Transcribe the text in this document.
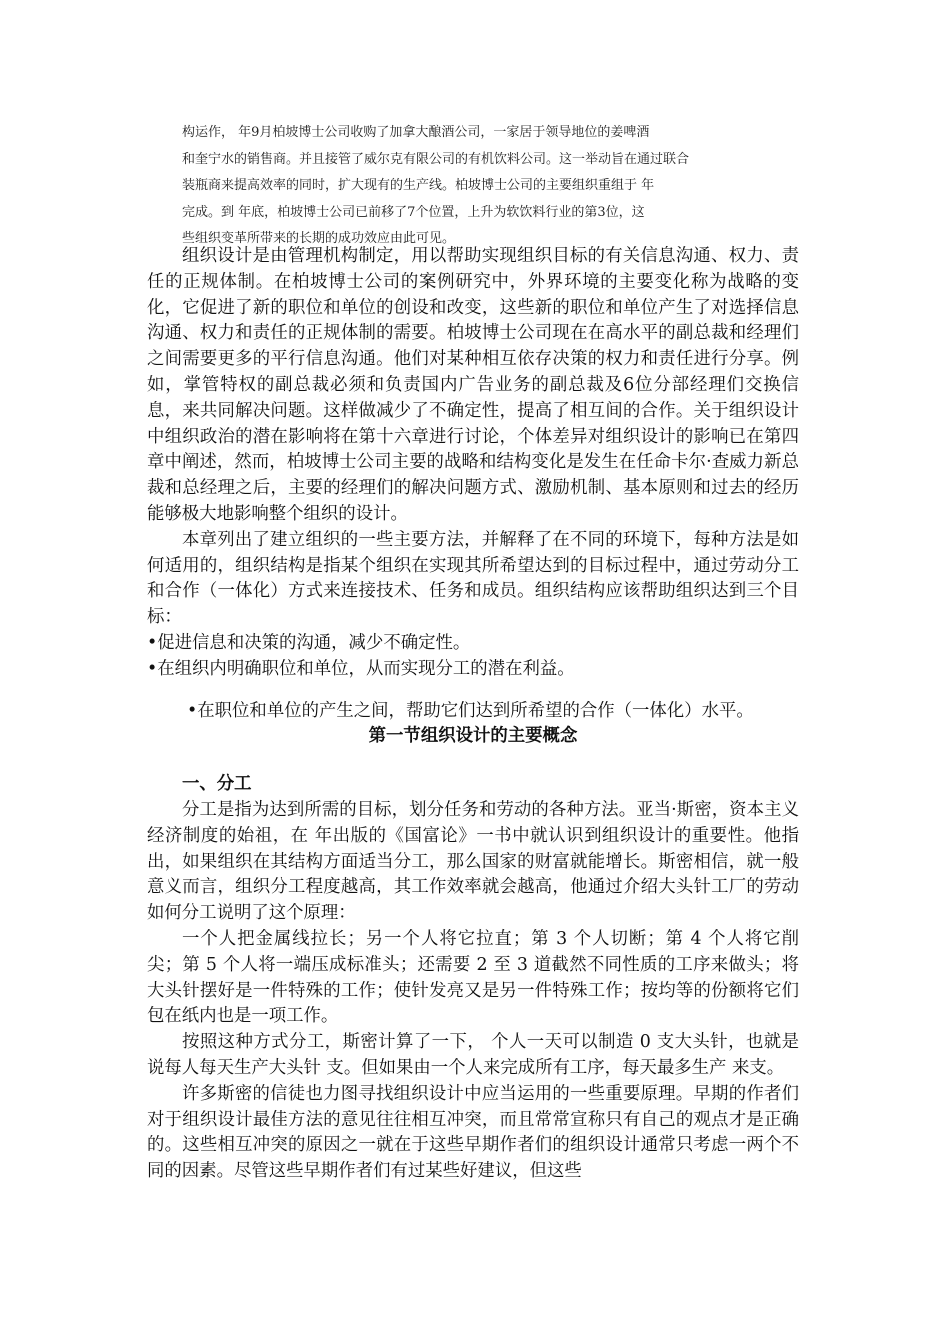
构运作， 年9月柏坡博士公司收购了加拿大酿酒公司，一家居于领导地位的姜啤酒
和奎宁水的销售商。并且接管了威尔克有限公司的有机饮料公司。这一举动旨在通过联合
装瓶商来提高效率的同时，扩大现有的生产线。柏坡博士公司的主要组织重组于 年
完成。到 年底，柏坡博士公司已前移了7个位置，上升为软饮料行业的第3位，这
些组织变革所带来的长期的成功效应由此可见。

组织设计是由管理机构制定，用以帮助实现组织目标的有关信息沟通、权力、责任的正规体制。在柏坡博士公司的案例研究中，外界环境的主要变化称为战略的变化，它促进了新的职位和单位的创设和改变，这些新的职位和单位产生了对选择信息沟通、权力和责任的正规体制的需要。柏坡博士公司现在在高水平的副总裁和经理们之间需要更多的平行信息沟通。他们对某种相互依存决策的权力和责任进行分享。例如，掌管特权的副总裁必须和负责国内广告业务的副总裁及6位分部经理们交换信息，来共同解决问题。这样做减少了不确定性，提高了相互间的合作。关于组织设计中组织政治的潜在影响将在第十六章进行讨论，个体差异对组织设计的影响已在第四章中阐述，然而，柏坡博士公司主要的战略和结构变化是发生在任命卡尔·查威力新总裁和总经理之后，主要的经理们的解决问题方式、激励机制、基本原则和过去的经历能够极大地影响整个组织的设计。

本章列出了建立组织的一些主要方法，并解释了在不同的环境下，每种方法是如何适用的，组织结构是指某个组织在实现其所希望达到的目标过程中，通过劳动分工和合作（一体化）方式来连接技术、任务和成员。组织结构应该帮助组织达到三个目标：

•促进信息和决策的沟通，减少不确定性。

•在组织内明确职位和单位，从而实现分工的潜在利益。

•在职位和单位的产生之间，帮助它们达到所希望的合作（一体化）水平。

第一节组织设计的主要概念
一、分工

分工是指为达到所需的目标，划分任务和劳动的各种方法。亚当·斯密，资本主义经济制度的始祖，在 年出版的《国富论》一书中就认识到组织设计的重要性。他指出，如果组织在其结构方面适当分工，那么国家的财富就能增长。斯密相信，就一般意义而言，组织分工程度越高，其工作效率就会越高，他通过介绍大头针工厂的劳动如何分工说明了这个原理：

一个人把金属线拉长；另一个人将它拉直；第 3 个人切断；第 4 个人将它削尖；第 5 个人将一端压成标准头；还需要 2 至 3 道截然不同性质的工序来做头；将大头针摆好是一件特殊的工作；使针发亮又是另一件特殊工作；按均等的份额将它们包在纸内也是一项工作。

按照这种方式分工，斯密计算了一下， 个人一天可以制造 0 支大头针，也就是说每人每天生产大头针 支。但如果由一个人来完成所有工序，每天最多生产 来支。

许多斯密的信徒也力图寻找组织设计中应当运用的一些重要原理。早期的作者们对于组织设计最佳方法的意见往往相互冲突，而且常常宣称只有自己的观点才是正确的。这些相互冲突的原因之一就在于这些早期作者们的组织设计通常只考虑一两个不同的因素。尽管这些早期作者们有过某些好建议，但这些
